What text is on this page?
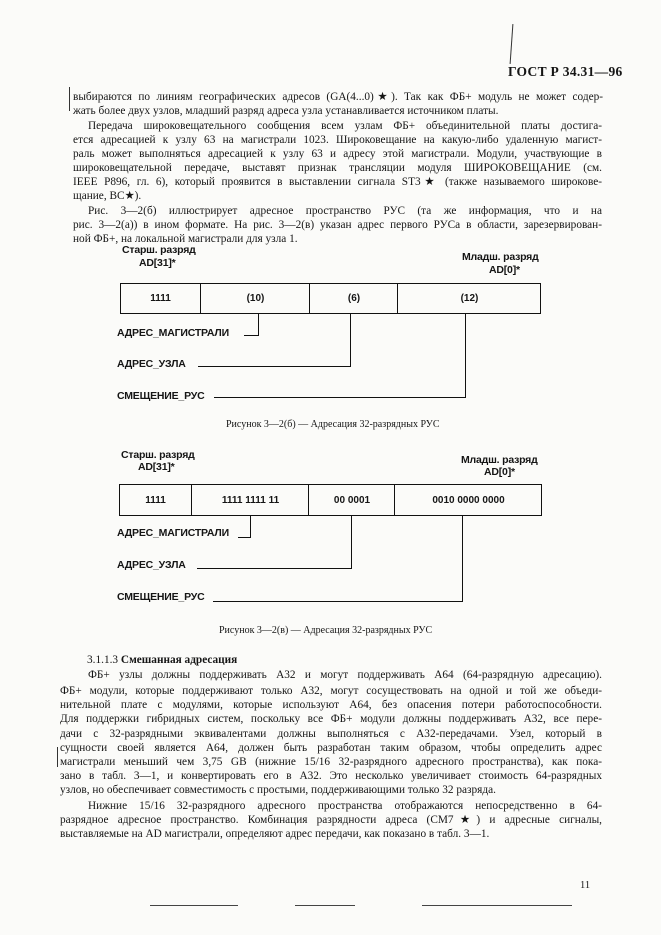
ГОСТ Р 34.31—96
выбираются по линиям географических адресов (GA(4...0)★). Так как ФБ+ модуль не может содер-
жать более двух узлов, младший разряд адреса узла устанавливается источником платы.
Передача широковещательного сообщения всем узлам ФБ+ объединительной платы достига-
ется адресацией к узлу 63 на магистрали 1023. Широковещание на какую-либо удаленную магист-
раль может выполняться адресацией к узлу 63 и адресу этой магистрали. Модули, участвующие в
широковещательной передаче, выставят признак трансляции модуля ШИРОКОВЕЩАНИЕ (см.
IEEE P896, гл. 6), который проявится в выставлении сигнала ST3★ (также называемого широкове-
щание, BC★).
Рис. 3—2(б) иллюстрирует адресное пространство РУС (та же информация, что и на
рис. 3—2(а)) в ином формате. На рис. 3—2(в) указан адрес первого РУСа в области, зарезервирован-
ной ФБ+, на локальной магистрали для узла 1.
Старш. разряд
AD[31]*	Младш. разряд
AD[0]*
1111	(10)	(6)	(12)
АДРЕС_МАГИСТРАЛИ
АДРЕС_УЗЛА
СМЕЩЕНИЕ_РУС
Рисунок 3—2(б) — Адресация 32-разрядных РУС
Старш. разряд
AD[31]*
Младш. разряд
AD[0]*
1111	1111 1111 11	00 0001	0010 0000 0000
АДРЕС_МАГИСТРАЛИ
АДРЕС_УЗЛА
СМЕЩЕНИЕ_РУС
Рисунок 3—2(в) — Адресация 32-разрядных РУС
3.1.1.3 Смешанная адресация
ФБ+ узлы должны поддерживать А32 и могут поддерживать А64 (64-разрядную адресацию).
ФБ+ модули, которые поддерживают только А32, могут сосуществовать на одной и той же объеди-
нительной плате с модулями, которые используют А64, без опасения потери работоспособности.
Для поддержки гибридных систем, поскольку все ФБ+ модули должны поддерживать А32, все пере-
дачи с 32-разрядными эквивалентами должны выполняться с А32-передачами. Узел, который в
сущности своей является А64, должен быть разработан таким образом, чтобы определить адрес
магистрали меньший чем 3,75 GB (нижние 15/16 32-разрядного адресного пространства), как пока-
зано в табл. 3—1, и конвертировать его в А32. Это несколько увеличивает стоимость 64-разрядных
узлов, но обеспечивает совместимость с простыми, поддерживающими только 32 разряда.
Нижние 15/16 32-разрядного адресного пространства отображаются непосредственно в 64-
разрядное адресное пространство. Комбинация разрядности адреса (СМ7★) и адресные сигналы,
выставляемые на AD магистрали, определяют адрес передачи, как показано в табл. 3—1.
11
